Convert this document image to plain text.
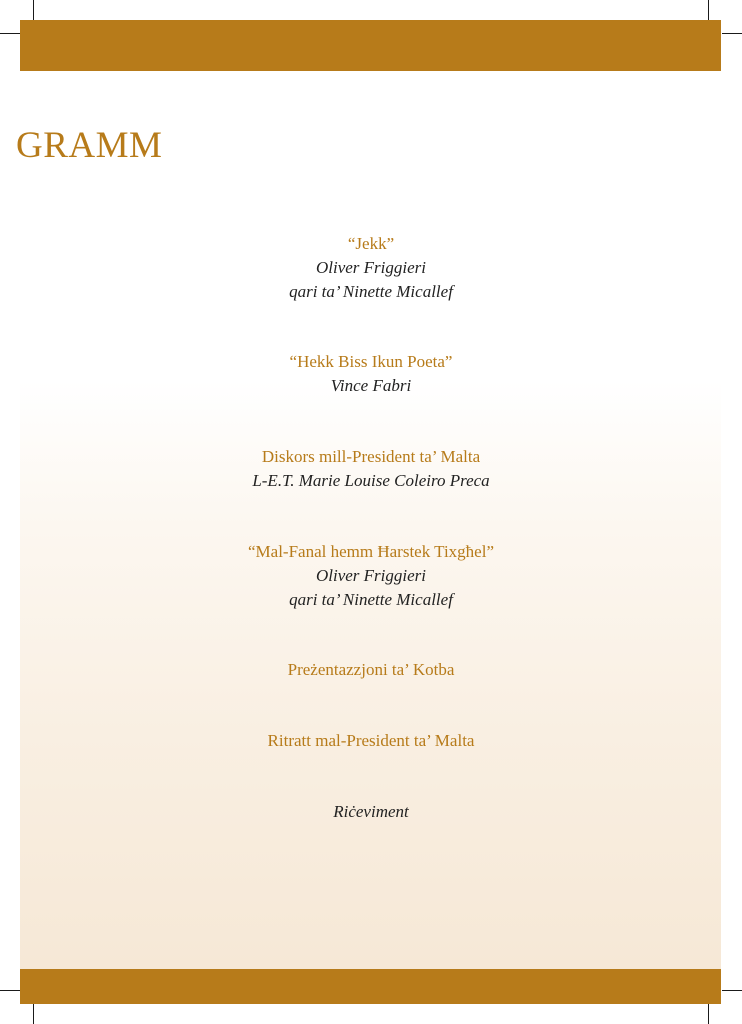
GRAMM
“Jekk”
Oliver Friggieri
qari ta’ Ninette Micallef
“Hekk Biss Ikun Poeta”
Vince Fabri
Diskors mill-President ta’ Malta
L-E.T. Marie Louise Coleiro Preca
“Mal-Fanal hemm Ħarstek Tixgħel”
Oliver Friggieri
qari ta’ Ninette Micallef
Preżentazzjoni ta’ Kotba
Ritratt mal-President ta’ Malta
Riċeviment
